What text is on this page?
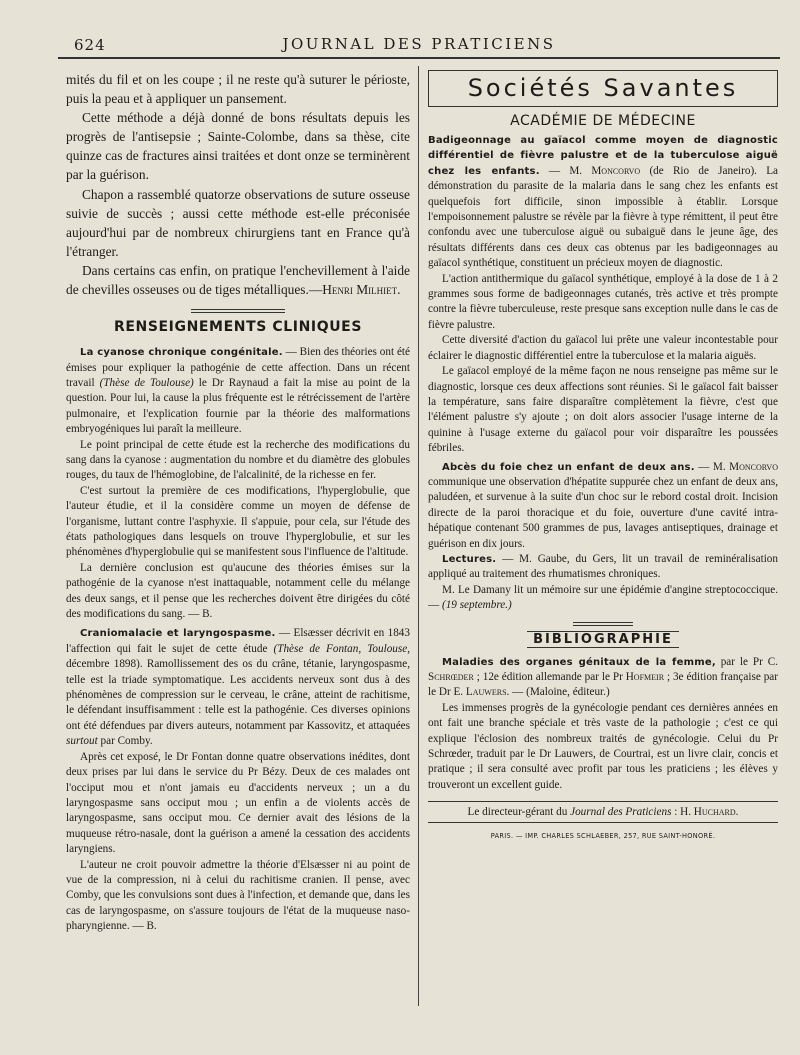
624	JOURNAL DES PRATICIENS

mités du fil et on les coupe ; il ne reste qu'à suturer le périoste, puis la peau et à appliquer un pansement.

Cette méthode a déjà donné de bons résultats depuis les progrès de l'antisepsie ; Sainte-Colombe, dans sa thèse, cite quinze cas de fractures ainsi traitées et dont onze se terminèrent par la guérison.

Chapon a rassemblé quatorze observations de suture osseuse suivie de succès ; aussi cette méthode est-elle préconisée aujourd'hui par de nombreux chirurgiens tant en France qu'à l'étranger.

Dans certains cas enfin, on pratique l'enchevillement à l'aide de chevilles osseuses ou de tiges métalliques.—Henri Milhiet.

RENSEIGNEMENTS CLINIQUES

La cyanose chronique congénitale. — Bien des théories ont été émises pour expliquer la pathogénie de cette affection. Dans un récent travail (Thèse de Toulouse) le Dr Raynaud a fait la mise au point de la question. Pour lui, la cause la plus fréquente est le rétrécissement de l'artère pulmonaire, et l'explication fournie par la théorie des malformations embryogéniques lui paraît la meilleure.

Le point principal de cette étude est la recherche des modifications du sang dans la cyanose : augmentation du nombre et du diamètre des globules rouges, du taux de l'hémoglobine, de l'alcalinité, de la richesse en fer.

C'est surtout la première de ces modifications, l'hyperglobulie, que l'auteur étudie, et il la considère comme un moyen de défense de l'organisme, luttant contre l'asphyxie. Il s'appuie, pour cela, sur l'étude des états pathologiques dans lesquels on trouve l'hyperglobulie, et sur les phénomènes d'hyperglobulie qui se manifestent sous l'influence de l'altitude.

La dernière conclusion est qu'aucune des théories émises sur la pathogénie de la cyanose n'est inattaquable, notamment celle du mélange des deux sangs, et il pense que les recherches doivent être dirigées du côté des modifications du sang. — B.

Craniomalacie et laryngospasme. — Elsæsser décrivit en 1843 l'affection qui fait le sujet de cette étude (Thèse de Fontan, Toulouse, décembre 1898). Ramollissement des os du crâne, tétanie, laryngospasme, telle est la triade symptomatique. Les accidents nerveux sont dus à des phénomènes de compression sur le cerveau, le crâne, atteint de rachitisme, le défendant insuffisamment : telle est la pathogénie. Ces diverses opinions ont été défendues par divers auteurs, notamment par Kassovitz, et attaquées surtout par Comby.

Après cet exposé, le Dr Fontan donne quatre observations inédites, dont deux prises par lui dans le service du Pr Bézy. Deux de ces malades ont l'occiput mou et n'ont jamais eu d'accidents nerveux ; un a du laryngospasme sans occiput mou ; un enfin a de violents accès de laryngospasme, sans occiput mou. Ce dernier avait des lésions de la muqueuse rétro-nasale, dont la guérison a amené la cessation des accidents laryngiens.

L'auteur ne croit pouvoir admettre la théorie d'Elsæsser ni au point de vue de la compression, ni à celui du rachitisme cranien. Il pense, avec Comby, que les convulsions sont dues à l'infection, et demande que, dans les cas de laryngospasme, on s'assure toujours de l'état de la muqueuse naso-pharyngienne. — B.

Sociétés Savantes
ACADÉMIE DE MÉDECINE

Badigeonnage au gaïacol comme moyen de diagnostic différentiel de fièvre palustre et de la tuberculose aiguë chez les enfants. — M. Moncorvo (de Rio de Janeiro). La démonstration du parasite de la malaria dans le sang chez les enfants est quelquefois fort difficile, sinon impossible à établir. Lorsque l'empoisonnement palustre se révèle par la fièvre à type rémittent, il peut être confondu avec une tuberculose aiguë ou subaiguë dans le jeune âge, des résultats différents dans ces deux cas obtenus par les badigeonnages au gaïacol synthétique, constituent un précieux moyen de diagnostic.

L'action antithermique du gaïacol synthétique, employé à la dose de 1 à 2 grammes sous forme de badigeonnages cutanés, très active et très prompte contre la fièvre tuberculeuse, reste presque sans exception nulle dans le cas de fièvre palustre.

Cette diversité d'action du gaïacol lui prête une valeur incontestable pour éclairer le diagnostic différentiel entre la tuberculose et la malaria aiguës.

Le gaïacol employé de la même façon ne nous renseigne pas même sur le diagnostic, lorsque ces deux affections sont réunies. Si le gaïacol fait baisser la température, sans faire disparaître complètement la fièvre, c'est que l'élément palustre s'y ajoute ; on doit alors associer l'usage interne de la quinine à l'usage externe du gaïacol pour voir disparaître les poussées fébriles.

Abcès du foie chez un enfant de deux ans. — M. Moncorvo communique une observation d'hépatite suppurée chez un enfant de deux ans, paludéen, et survenue à la suite d'un choc sur le rebord costal droit. Incision directe de la paroi thoracique et du foie, ouverture d'une cavité intra-hépatique contenant 500 grammes de pus, lavages antiseptiques, drainage et guérison en dix jours.

Lectures. — M. Gaube, du Gers, lit un travail de reminéralisation appliqué au traitement des rhumatismes chroniques.

M. Le Damany lit un mémoire sur une épidémie d'angine streptococcique. — (19 septembre.)

BIBLIOGRAPHIE

Maladies des organes génitaux de la femme, par le Pr C. Schrœder ; 12e édition allemande par le Pr Hofmeir ; 3e édition française par le Dr E. Lauwers. — (Maloine, éditeur.)

Les immenses progrès de la gynécologie pendant ces dernières années en ont fait une branche spéciale et très vaste de la pathologie ; c'est ce qui explique l'éclosion des nombreux traités de gynécologie. Celui du Pr Schrœder, traduit par le Dr Lauwers, de Courtrai, est un livre clair, concis et pratique ; il sera consulté avec profit par tous les praticiens ; les élèves y trouveront un excellent guide.

Le directeur-gérant du Journal des Praticiens : H. Huchard.
PARIS. — IMP. CHARLES SCHLAEBER, 257, RUE SAINT-HONORÉ.
